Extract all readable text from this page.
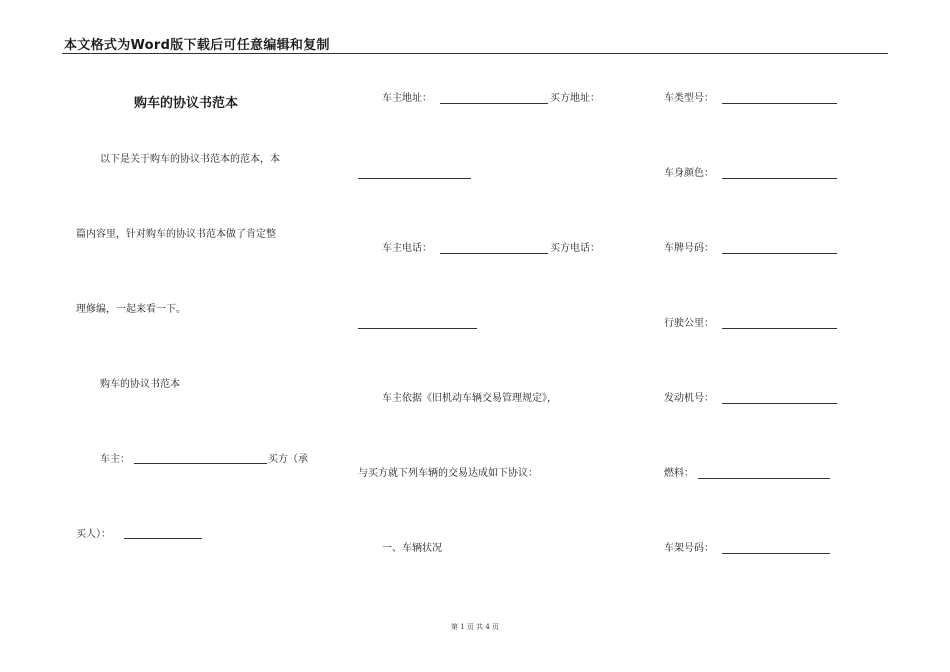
本文格式为Word版下载后可任意编辑和复制
购车的协议书范本
以下是关于购车的协议书范本的范本，本
篇内容里，针对购车的协议书范本做了肯定整
理修编，一起来看一下。
购车的协议书范本
车主：	买方（承
买人）：
车主地址：	买方地址：
车主电话：	买方电话：
车主依据《旧机动车辆交易管理规定》，
与买方就下列车辆的交易达成如下协议：
一、车辆状况
车类型号：
车身颜色：
车牌号码：
行驶公里：
发动机号：
燃料：
车架号码：
第 1 页 共 4 页
